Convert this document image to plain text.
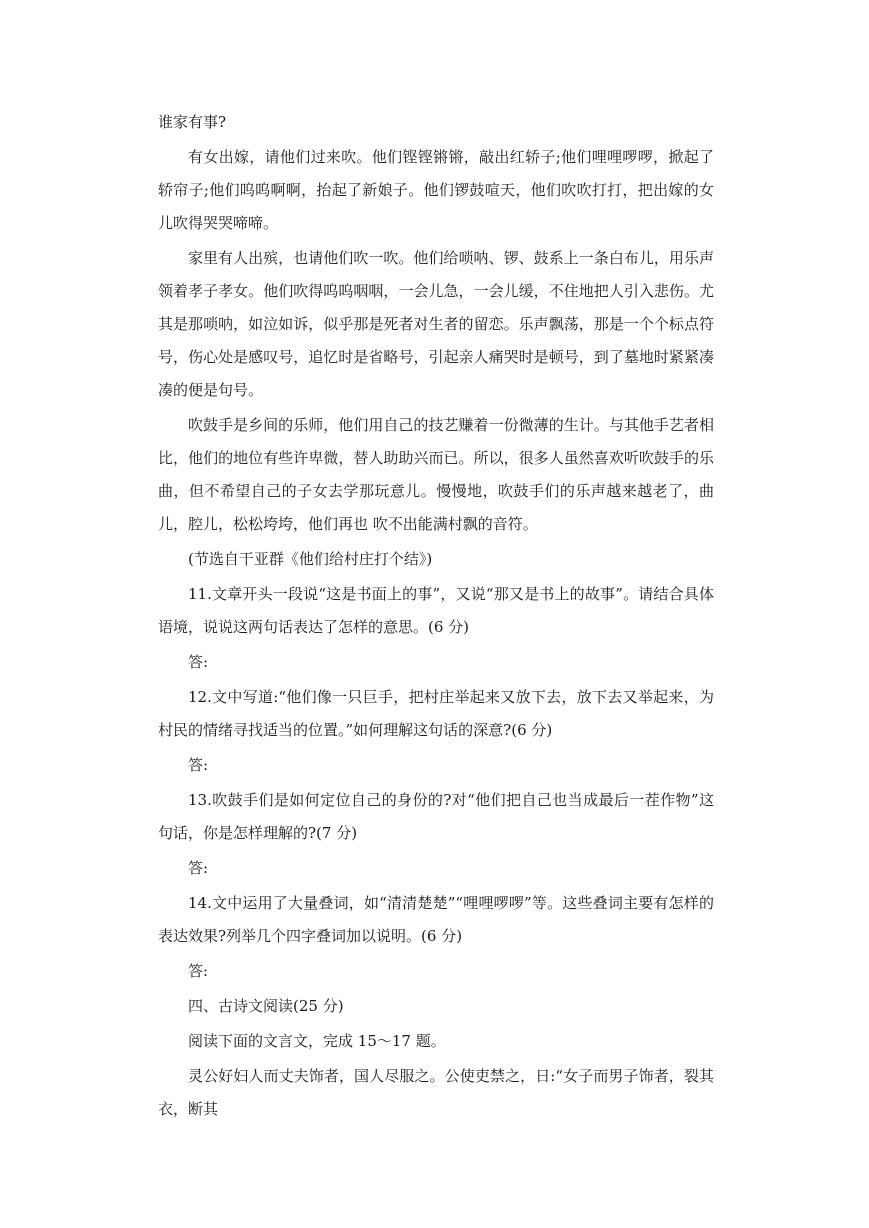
谁家有事?

有女出嫁，请他们过来吹。他们铿铿锵锵，敲出红轿子;他们哩哩啰啰，掀起了轿帘子;他们呜呜啊啊，抬起了新娘子。他们锣鼓喧天，他们吹吹打打，把出嫁的女儿吹得哭哭啼啼。

家里有人出殡，也请他们吹一吹。他们给唢呐、锣、鼓系上一条白布儿，用乐声领着孝子孝女。他们吹得呜呜咽咽，一会儿急，一会儿缓，不住地把人引入悲伤。尤其是那唢呐，如泣如诉，似乎那是死者对生者的留恋。乐声飘荡，那是一个个标点符号，伤心处是感叹号，追忆时是省略号，引起亲人痛哭时是顿号，到了墓地时紧紧凑凑的便是句号。

吹鼓手是乡间的乐师，他们用自己的技艺赚着一份微薄的生计。与其他手艺者相比，他们的地位有些许卑微，替人助助兴而已。所以，很多人虽然喜欢听吹鼓手的乐曲，但不希望自己的子女去学那玩意儿。慢慢地，吹鼓手们的乐声越来越老了，曲儿，腔儿，松松垮垮，他们再也 吹不出能满村飘的音符。

(节选自干亚群《他们给村庄打个结》)

11.文章开头一段说“这是书面上的事”，又说“那又是书上的故事”。请结合具体语境，说说这两句话表达了怎样的意思。(6 分)

答:

12.文中写道:“他们像一只巨手，把村庄举起来又放下去，放下去又举起来，为村民的情绪寻找适当的位置。”如何理解这句话的深意?(6 分)

答:

13.吹鼓手们是如何定位自己的身份的?对“他们把自己也当成最后一茬作物”这句话，你是怎样理解的?(7 分)

答:

14.文中运用了大量叠词，如“清清楚楚”“哩哩啰啰”等。这些叠词主要有怎样的表达效果?列举几个四字叠词加以说明。(6 分)

答:

四、古诗文阅读(25 分)

阅读下面的文言文，完成 15～17 题。

灵公好妇人而丈夫饰者，国人尽服之。公使吏禁之，日:“女子而男子饰者，裂其衣，断其
